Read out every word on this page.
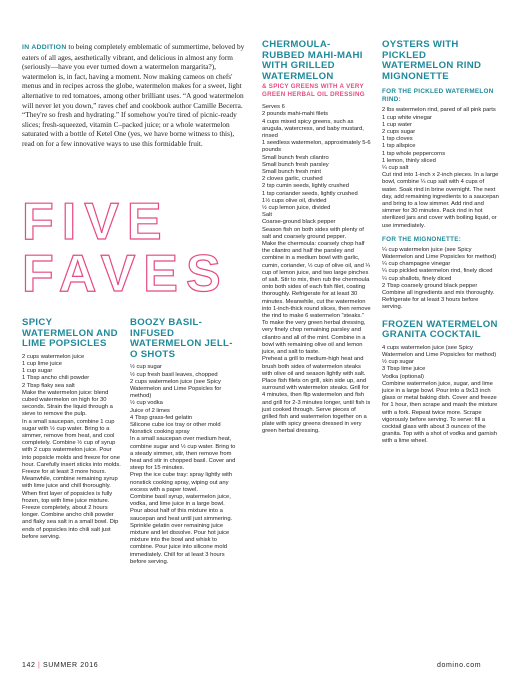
IN ADDITION to being completely emblematic of summertime, beloved by eaters of all ages, aesthetically vibrant, and delicious in almost any form (seriously—have you ever turned down a watermelon margarita?), watermelon is, in fact, having a moment. Now making cameos on chefs' menus and in recipes across the globe, watermelon makes for a sweet, light alternative to red tomatoes, among other brilliant uses. “A good watermelon will never let you down,” raves chef and cookbook author Camille Becerra. “They're so fresh and hydrating.” If somehow you're tired of picnic-ready slices; fresh-squeezed, vitamin C–packed juice; or a whole watermelon saturated with a bottle of Ketel One (yes, we have borne witness to this), read on for a few innovative ways to use this formidable fruit.
FIVE
FAVES
SPICY WATERMELON AND LIME POPSICLES

2 cups watermelon juice

1 cup lime juice

1 cup sugar

1 Tbsp ancho chili powder

2 Tbsp flaky sea salt

Make the watermelon juice: blend cubed watermelon on high for 30 seconds. Strain the liquid through a sieve to remove the pulp.

In a small saucepan, combine 1 cup sugar with ½ cup water. Bring to a simmer, remove from heat, and cool completely. Combine ½ cup of syrup with 2 cups watermelon juice. Pour into popsicle molds and freeze for one hour. Carefully insert sticks into molds. Freeze for at least 3 more hours. Meanwhile, combine remaining syrup with lime juice and chill thoroughly. When first layer of popsicles is fully frozen, top with lime juice mixture. Freeze completely, about 2 hours longer. Combine ancho chili powder and flaky sea salt in a small bowl. Dip ends of popsicles into chili salt just before serving.

BOOZY BASIL-INFUSED WATERMELON JELL-O SHOTS

½ cup sugar

½ cup fresh basil leaves, chopped

2 cups watermelon juice (see Spicy Watermelon and Lime Popsicles for method)

½ cup vodka

Juice of 2 limes

4 Tbsp grass-fed gelatin

Silicone cube ice tray or other mold

Nonstick cooking spray

In a small saucepan over medium heat, combine sugar and ½ cup water. Bring to a steady simmer, stir, then remove from heat and stir in chopped basil. Cover and steep for 15 minutes.

Prep the ice cube tray: spray lightly with nonstick cooking spray, wiping out any excess with a paper towel.

Combine basil syrup, watermelon juice, vodka, and lime juice in a large bowl. Pour about half of this mixture into a saucepan and heat until just simmering. Sprinkle gelatin over remaining juice mixture and let dissolve. Pour hot juice mixture into the bowl and whisk to combine. Pour juice into silicone mold immediately. Chill for at least 3 hours before serving.

CHERMOULA-RUBBED MAHI-MAHI WITH GRILLED WATERMELON
& SPICY GREENS WITH A VERY GREEN HERBAL OIL DRESSING

Serves 6

2 pounds mahi-mahi filets

4 cups mixed spicy greens, such as arugula, watercress, and baby mustard, rinsed

1 seedless watermelon, approximately 5-6 pounds

Small bunch fresh cilantro

Small bunch fresh parsley

Small bunch fresh mint

2 cloves garlic, crushed

2 tsp cumin seeds, lightly crushed

1 tsp coriander seeds, lightly crushed

1½ cups olive oil, divided

½ cup lemon juice, divided

Salt

Coarse-ground black pepper

Season fish on both sides with plenty of salt and coarsely ground pepper.

Make the chermoula: coarsely chop half the cilantro and half the parsley and combine in a medium bowl with garlic, cumin, coriander, ½ cup of olive oil, and ¼ cup of lemon juice, and two large pinches of salt. Stir to mix, then rub the chermoula onto both sides of each fish filet, coating thoroughly. Refrigerate for at least 30 minutes. Meanwhile, cut the watermelon into 1-inch-thick round slices, then remove the rind to make 6 watermelon “steaks.”

To make the very green herbal dressing, very finely chop remaining parsley and cilantro and all of the mint. Combine in a bowl with remaining olive oil and lemon juice, and salt to taste.

Preheat a grill to medium-high heat and brush both sides of watermelon steaks with olive oil and season lightly with salt. Place fish filets on grill, skin side up, and surround with watermelon steaks. Grill for 4 minutes, then flip watermelon and fish and grill for 2-3 minutes longer, until fish is just cooked through. Serve pieces of grilled fish and watermelon together on a plate with spicy greens dressed in very green herbal dressing.

OYSTERS WITH PICKLED WATERMELON RIND MIGNONETTE
FOR THE PICKLED WATERMELON RIND:

2 lbs watermelon rind, pared of all pink parts

1 cup white vinegar

1 cup water

2 cups sugar

1 tsp cloves

1 tsp allspice

1 tsp whole peppercorns

1 lemon, thinly sliced

¼ cup salt

Cut rind into 1-inch x 2-inch pieces. In a large bowl, combine ¼ cup salt with 4 cups of water. Soak rind in brine overnight. The next day, add remaining ingredients to a saucepan and bring to a low simmer. Add rind and simmer for 30 minutes. Pack rind in hot sterilized jars and cover with boiling liquid, or use immediately.

FOR THE MIGNONETTE:

¼ cup watermelon juice (see Spicy Watermelon and Lime Popsicles for method)

¼ cup champagne vinegar

¼ cup pickled watermelon rind, finely diced

¼ cup shallots, finely diced

2 Tbsp coarsely ground black pepper

Combine all ingredients and mix thoroughly. Refrigerate for at least 3 hours before serving.

FROZEN WATERMELON GRANITA COCKTAIL

4 cups watermelon juice (see Spicy Watermelon and Lime Popsicles for method)

½ cup sugar

3 Tbsp lime juice

Vodka (optional)

Combine watermelon juice, sugar, and lime juice in a large bowl. Pour into a 9x13 inch glass or metal baking dish. Cover and freeze for 1 hour, then scrape and mash the mixture with a fork. Repeat twice more. Scrape vigorously before serving. To serve: fill a cocktail glass with about 3 ounces of the granita. Top with a shot of vodka and garnish with a lime wheel.

142 | SUMMER 2016	domino.com
